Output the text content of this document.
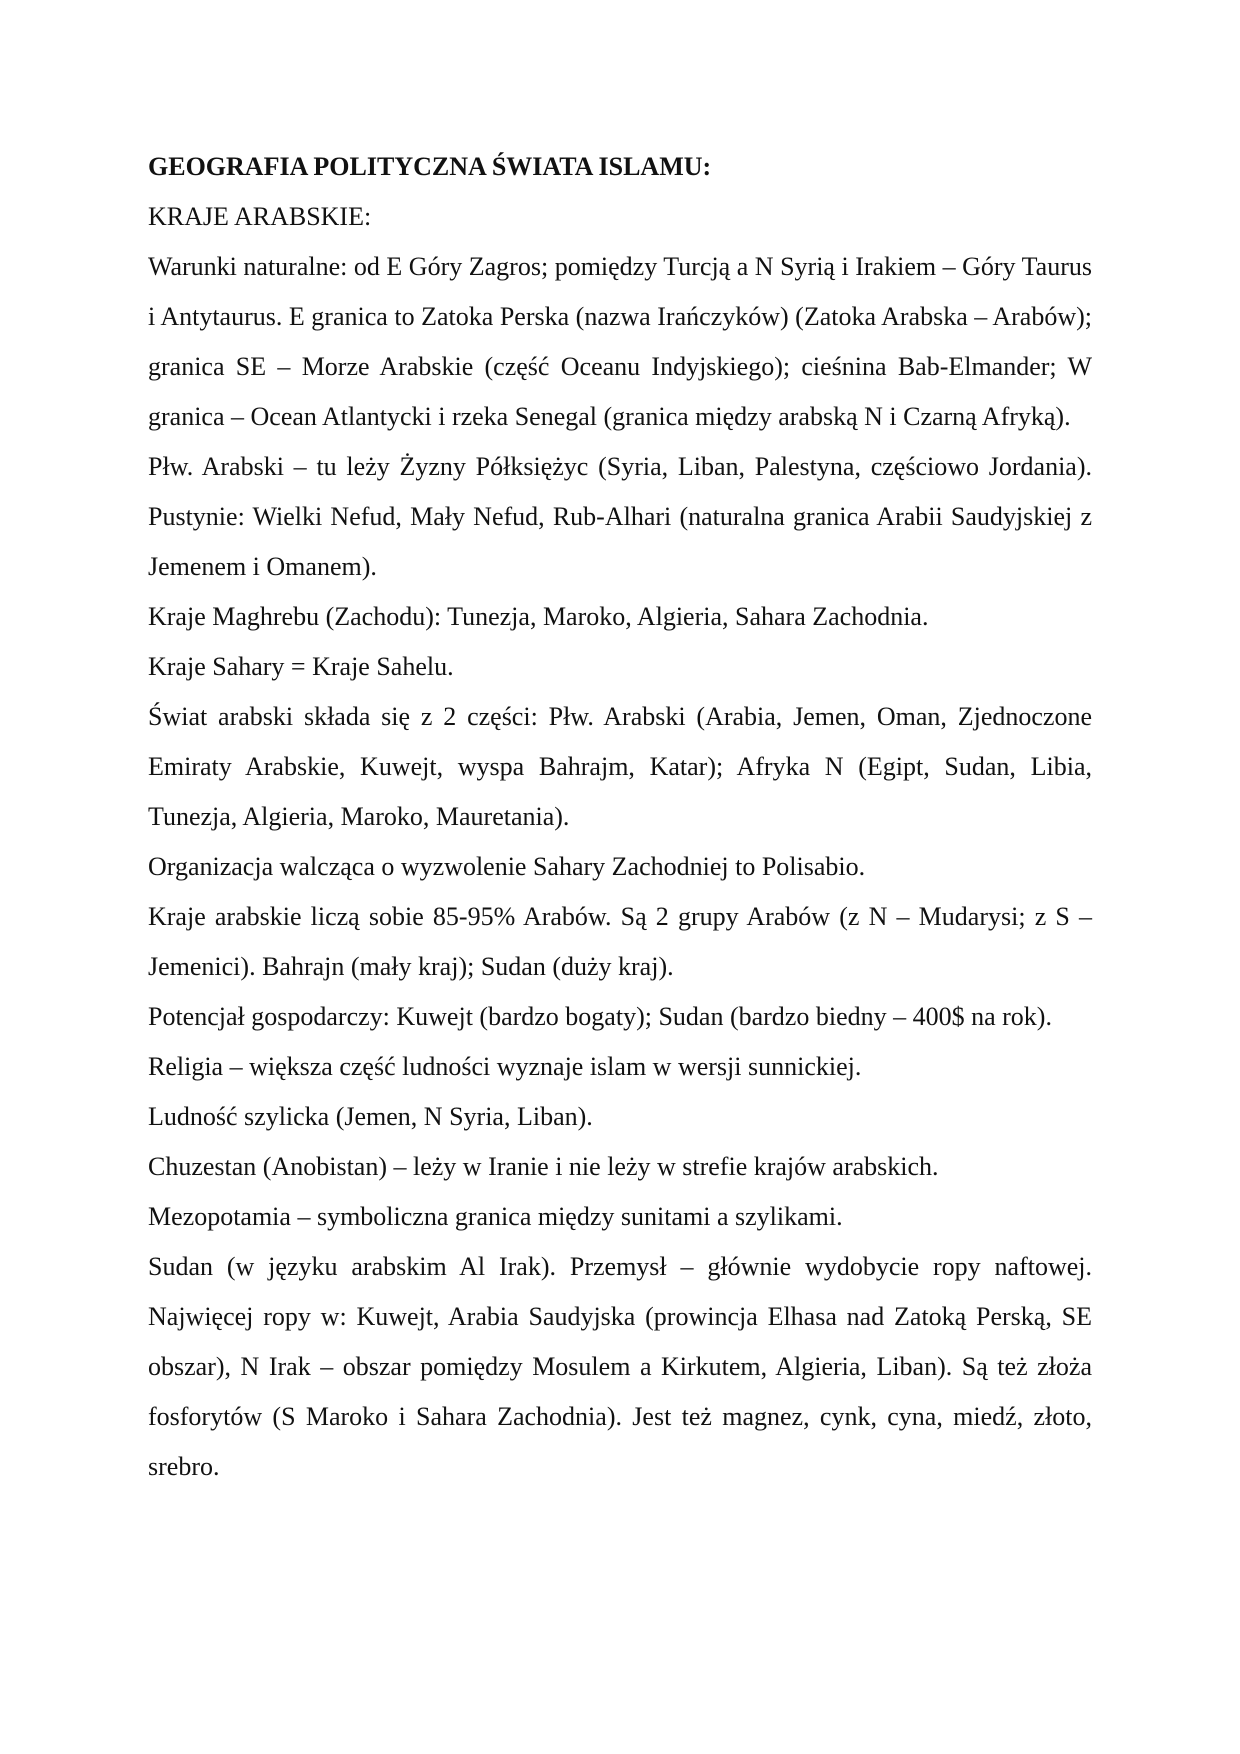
GEOGRAFIA POLITYCZNA ŚWIATA ISLAMU:

KRAJE ARABSKIE:

Warunki naturalne: od E Góry Zagros; pomiędzy Turcją a N Syrią i Irakiem – Góry Taurus i Antytaurus. E granica to Zatoka Perska (nazwa Irańczyków) (Zatoka Arabska – Arabów); granica SE – Morze Arabskie (część Oceanu Indyjskiego); cieśnina Bab-Elmander; W granica – Ocean Atlantycki i rzeka Senegal (granica między arabską N i Czarną Afryką).

Płw. Arabski – tu leży Żyzny Półksiężyc (Syria, Liban, Palestyna, częściowo Jordania). Pustynie: Wielki Nefud, Mały Nefud, Rub-Alhari (naturalna granica Arabii Saudyjskiej z Jemenem i Omanem).

Kraje Maghrebu (Zachodu): Tunezja, Maroko, Algieria, Sahara Zachodnia.

Kraje Sahary = Kraje Sahelu.

Świat arabski składa się z 2 części: Płw. Arabski (Arabia, Jemen, Oman, Zjednoczone Emiraty Arabskie, Kuwejt, wyspa Bahrajm, Katar); Afryka N (Egipt, Sudan, Libia, Tunezja, Algieria, Maroko, Mauretania).

Organizacja walcząca o wyzwolenie Sahary Zachodniej to Polisabio.

Kraje arabskie liczą sobie 85-95% Arabów. Są 2 grupy Arabów (z N – Mudarysi; z S – Jemenici). Bahrajn (mały kraj); Sudan (duży kraj).

Potencjał gospodarczy: Kuwejt (bardzo bogaty); Sudan (bardzo biedny – 400$ na rok).

Religia – większa część ludności wyznaje islam w wersji sunnickiej.

Ludność szylicka (Jemen, N Syria, Liban).

Chuzestan (Anobistan) – leży w Iranie i nie leży w strefie krajów arabskich.

Mezopotamia – symboliczna granica między sunitami a szylikami.

Sudan (w języku arabskim Al Irak). Przemysł – głównie wydobycie ropy naftowej. Najwięcej ropy w: Kuwejt, Arabia Saudyjska (prowincja Elhasa nad Zatoką Perską, SE obszar), N Irak – obszar pomiędzy Mosulem a Kirkutem, Algieria, Liban). Są też złoża fosforytów (S Maroko i Sahara Zachodnia). Jest też magnez, cynk, cyna, miedź, złoto, srebro.
